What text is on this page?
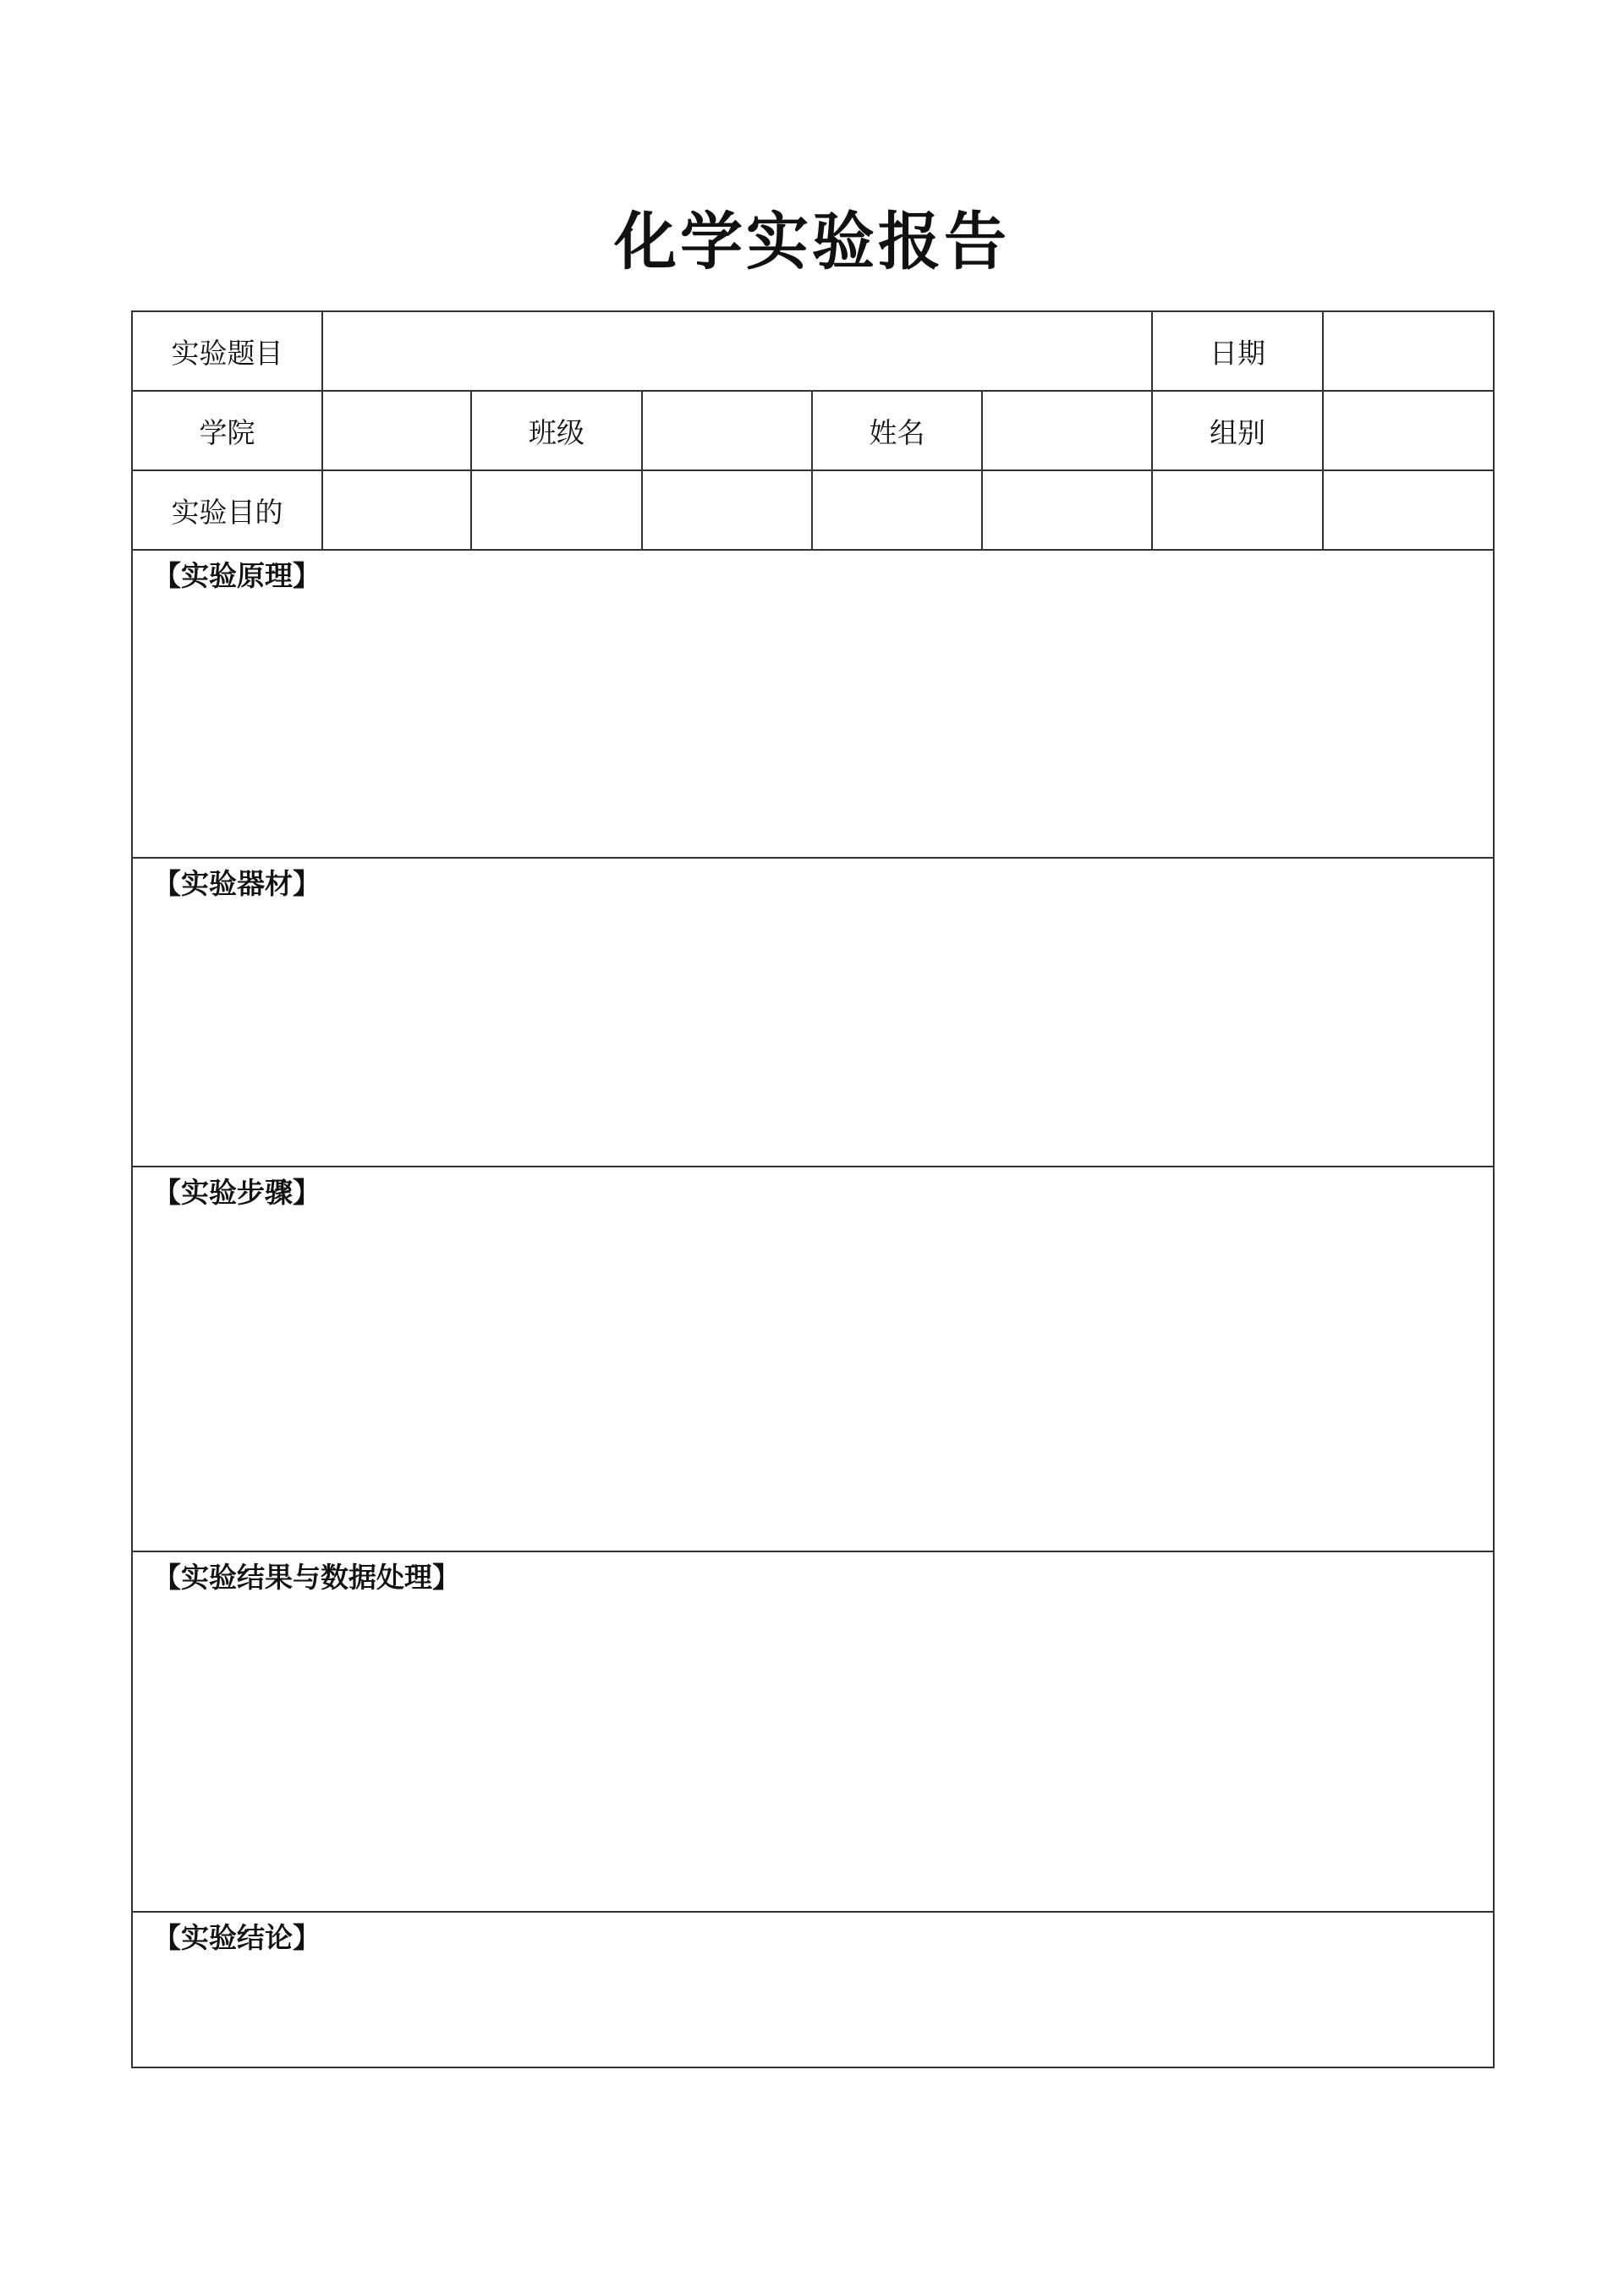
化学实验报告
实验题目						日期	
学院		班级		姓名		组别	
实验目的							
【实验原理】							
【实验器材】							
【实验步骤】							
【实验结果与数据处理】							
【实验结论】							
